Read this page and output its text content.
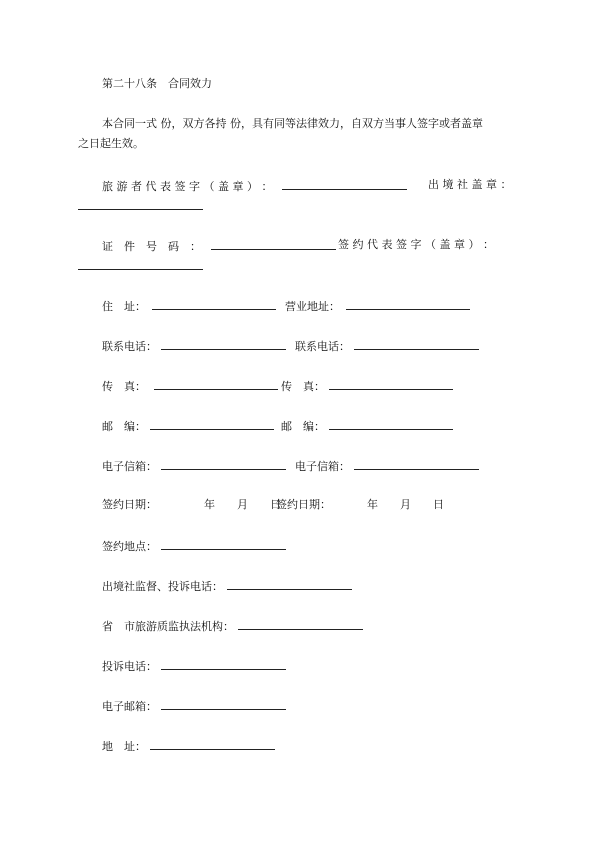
第二十八条　合同效力
本合同一式 份，双方各持 份，具有同等法律效力，自双方当事人签字或者盖章
之日起生效。
旅 游 者 代 表 签 字 （ 盖 章 ） ：	出 境 社 盖 章 ：
证　件　号　码　：	签 约 代 表 签 字 （ 盖 章 ） ：
住　址：	营业地址：
联系电话：	联系电话：
传　真：	传　真：
邮　编：	邮　编：
电子信箱：	电子信箱：
签约日期：	年　　月　　日
签约日期：	年　　月　　日
签约地点：
出境社监督、投诉电话：
省　市旅游质监执法机构：
投诉电话：
电子邮箱：
地　址：
